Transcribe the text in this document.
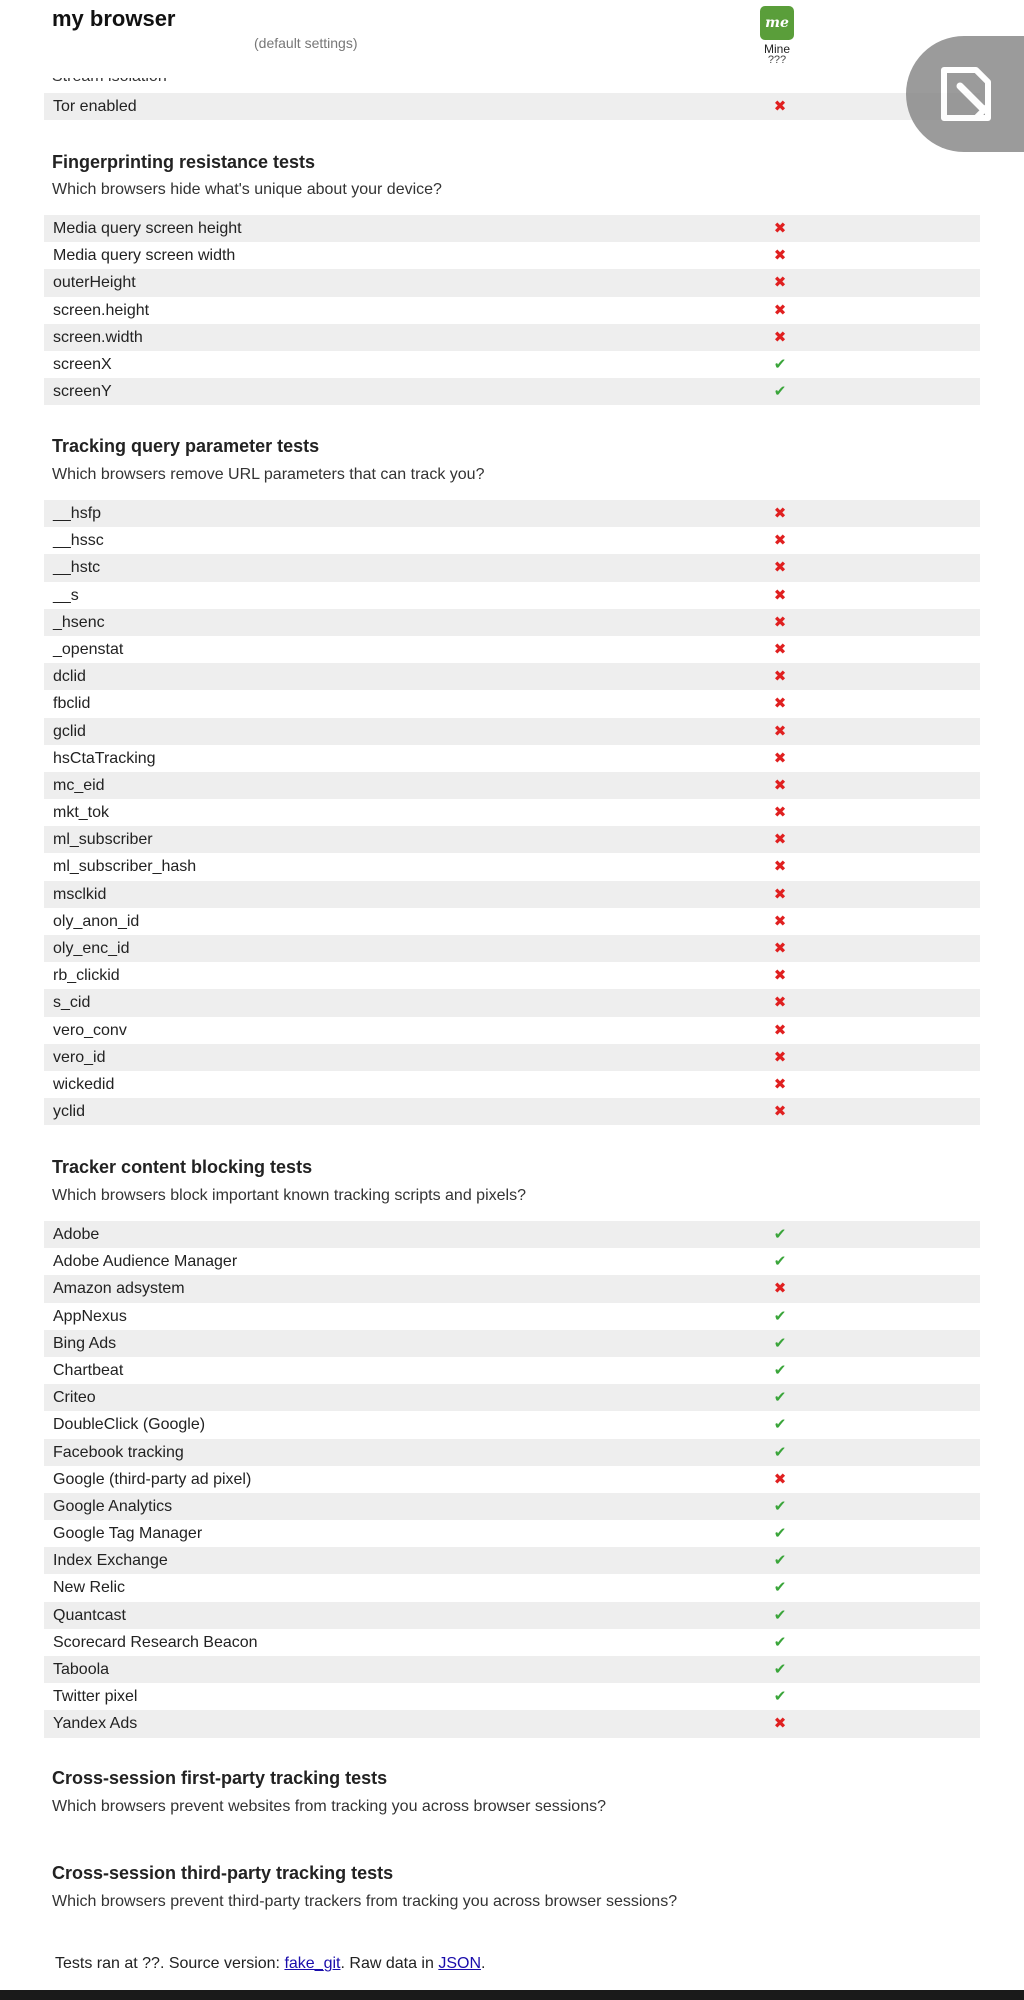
my browser
(default settings)
me
Mine
???
Tor enabled	✖
Fingerprinting resistance tests
Which browsers hide what's unique about your device?
Media query screen height	✖
Media query screen width	✖
outerHeight	✖
screen.height	✖
screen.width	✖
screenX	✔
screenY	✔
Tracking query parameter tests
Which browsers remove URL parameters that can track you?
__hsfp	✖
__hssc	✖
__hstc	✖
__s	✖
_hsenc	✖
_openstat	✖
dclid	✖
fbclid	✖
gclid	✖
hsCtaTracking	✖
mc_eid	✖
mkt_tok	✖
ml_subscriber	✖
ml_subscriber_hash	✖
msclkid	✖
oly_anon_id	✖
oly_enc_id	✖
rb_clickid	✖
s_cid	✖
vero_conv	✖
vero_id	✖
wickedid	✖
yclid	✖
Tracker content blocking tests
Which browsers block important known tracking scripts and pixels?
Adobe	✔
Adobe Audience Manager	✔
Amazon adsystem	✖
AppNexus	✔
Bing Ads	✔
Chartbeat	✔
Criteo	✔
DoubleClick (Google)	✔
Facebook tracking	✔
Google (third-party ad pixel)	✖
Google Analytics	✔
Google Tag Manager	✔
Index Exchange	✔
New Relic	✔
Quantcast	✔
Scorecard Research Beacon	✔
Taboola	✔
Twitter pixel	✔
Yandex Ads	✖
Cross-session first-party tracking tests
Which browsers prevent websites from tracking you across browser sessions?
Cross-session third-party tracking tests
Which browsers prevent third-party trackers from tracking you across browser sessions?
Tests ran at ??. Source version: fake_git. Raw data in JSON.
